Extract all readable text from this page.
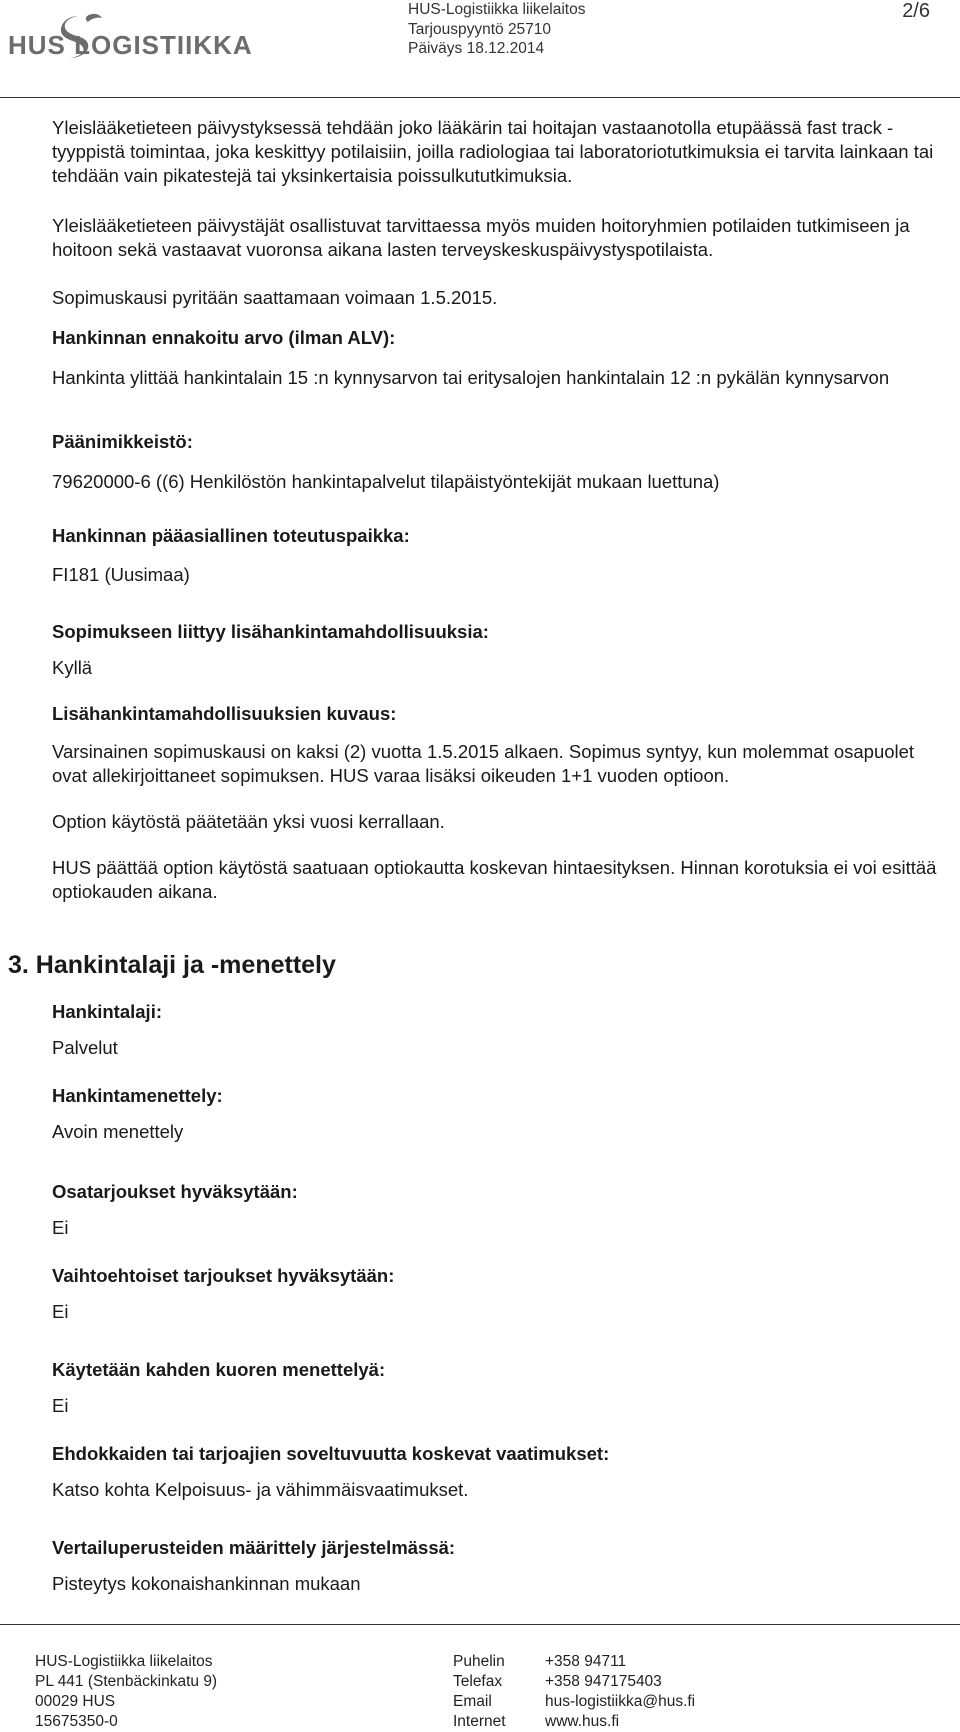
HUS LOGISTIIKKA
HUS-Logistiikka liikelaitos
Tarjouspyyntö 25710
Päiväys 18.12.2014
2/6
Yleislääketieteen päivystyksessä tehdään joko lääkärin tai hoitajan vastaanotolla etupäässä fast track -tyyppistä toimintaa, joka keskittyy potilaisiin, joilla radiologiaa tai laboratoriotutkimuksia ei tarvita lainkaan tai tehdään vain pikatestejä tai yksinkertaisia poissulkututkimuksia.
Yleislääketieteen päivystäjät osallistuvat tarvittaessa myös muiden hoitoryhmien potilaiden tutkimiseen ja hoitoon sekä vastaavat vuoronsa aikana lasten terveyskeskuspäivystyspotilaista.
Sopimuskausi pyritään saattamaan voimaan 1.5.2015.
Hankinnan ennakoitu arvo (ilman ALV):
Hankinta ylittää hankintalain 15 :n kynnysarvon tai eritysalojen hankintalain 12 :n pykälän kynnysarvon
Päänimikkeistö:
79620000-6 ((6) Henkilöstön hankintapalvelut tilapäistyöntekijät mukaan luettuna)
Hankinnan pääasiallinen toteutuspaikka:
FI181 (Uusimaa)
Sopimukseen liittyy lisähankintamahdollisuuksia:
Kyllä
Lisähankintamahdollisuuksien kuvaus:
Varsinainen sopimuskausi on kaksi (2) vuotta 1.5.2015 alkaen. Sopimus syntyy, kun molemmat osapuolet ovat allekirjoittaneet sopimuksen. HUS varaa lisäksi oikeuden 1+1 vuoden optioon.
Option käytöstä päätetään yksi vuosi kerrallaan.
HUS päättää option käytöstä saatuaan optiokautta koskevan hintaesityksen. Hinnan korotuksia ei voi esittää optiokauden aikana.
3. Hankintalaji ja -menettely
Hankintalaji:
Palvelut
Hankintamenettely:
Avoin menettely
Osatarjoukset hyväksytään:
Ei
Vaihtoehtoiset tarjoukset hyväksytään:
Ei
Käytetään kahden kuoren menettelyä:
Ei
Ehdokkaiden tai tarjoajien soveltuvuutta koskevat vaatimukset:
Katso kohta Kelpoisuus- ja vähimmäisvaatimukset.
Vertailuperusteiden määrittely järjestelmässä:
Pisteytys kokonaishankinnan mukaan
HUS-Logistiikka liikelaitos
PL 441 (Stenbäckinkatu 9)
00029 HUS
15675350-0
Puhelin
Telefax
Email
Internet
+358 94711
+358 947175403
hus-logistiikka@hus.fi
www.hus.fi
